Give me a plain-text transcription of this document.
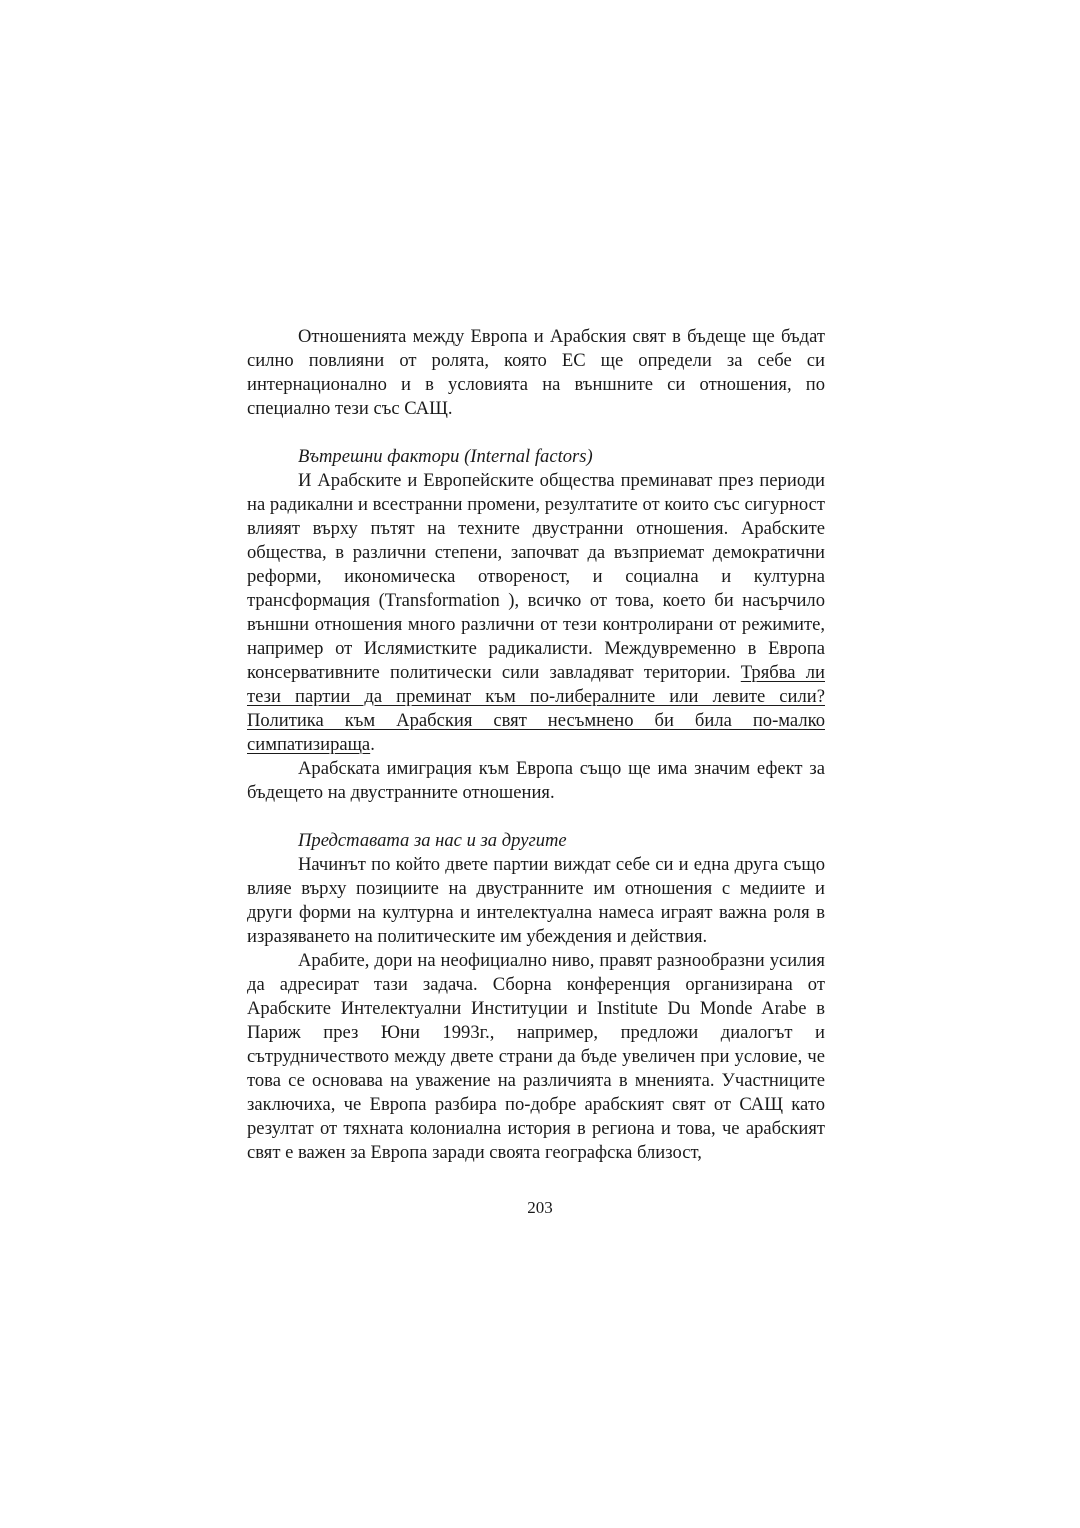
Отношенията между Европа и Арабския свят в бъдеще ще бъдат силно повлияни от ролята, която ЕС ще определи за себе си интернационално и в условията на външните си отношения, по специално тези със САЩ.

Вътрешни фактори (Internal factors)

И Арабските и Европейските общества преминават през периоди на радикални и всестранни промени, резултатите от които със сигурност влияят върху пътят на техните двустранни отношения. Арабските общества, в различни степени, започват да възприемат демократични реформи, икономическа отвореност, и социална и културна трансформация (Transformation ), всичко от това, което би насърчило външни отношения много различни от тези контролирани от режимите, например от Ислямистките радикалисти. Междувременно в Европа консервативните политически сили завладяват територии. Трябва ли тези партии да преминат към по-либералните или левите сили? Политика към Арабския свят несъмнено би била по-малко симпатизираща.

Арабската имиграция към Европа също ще има значим ефект за бъдещето на двустранните отношения.

Представата за нас и за другите

Начинът по който двете партии виждат себе си и една друга също влияе върху позициите на двустранните им отношения с медиите и други форми на културна и интелектуална намеса играят важна роля в изразяването на политическите им убеждения и действия.

Арабите, дори на неофициално ниво, правят разнообразни усилия да адресират тази задача. Сборна конференция организирана от Арабските Интелектуални Институции и Institute Du Monde Arabe в Париж през Юни 1993г., например, предложи диалогът и сътрудничеството между двете страни да бъде увеличен при условие, че това се основава на уважение на различията в мненията. Участниците заключиха, че Европа разбира по-добре арабският свят от САЩ като резултат от тяхната колониална история в региона и това, че арабският свят е важен за Европа заради своята географска близост,

203
